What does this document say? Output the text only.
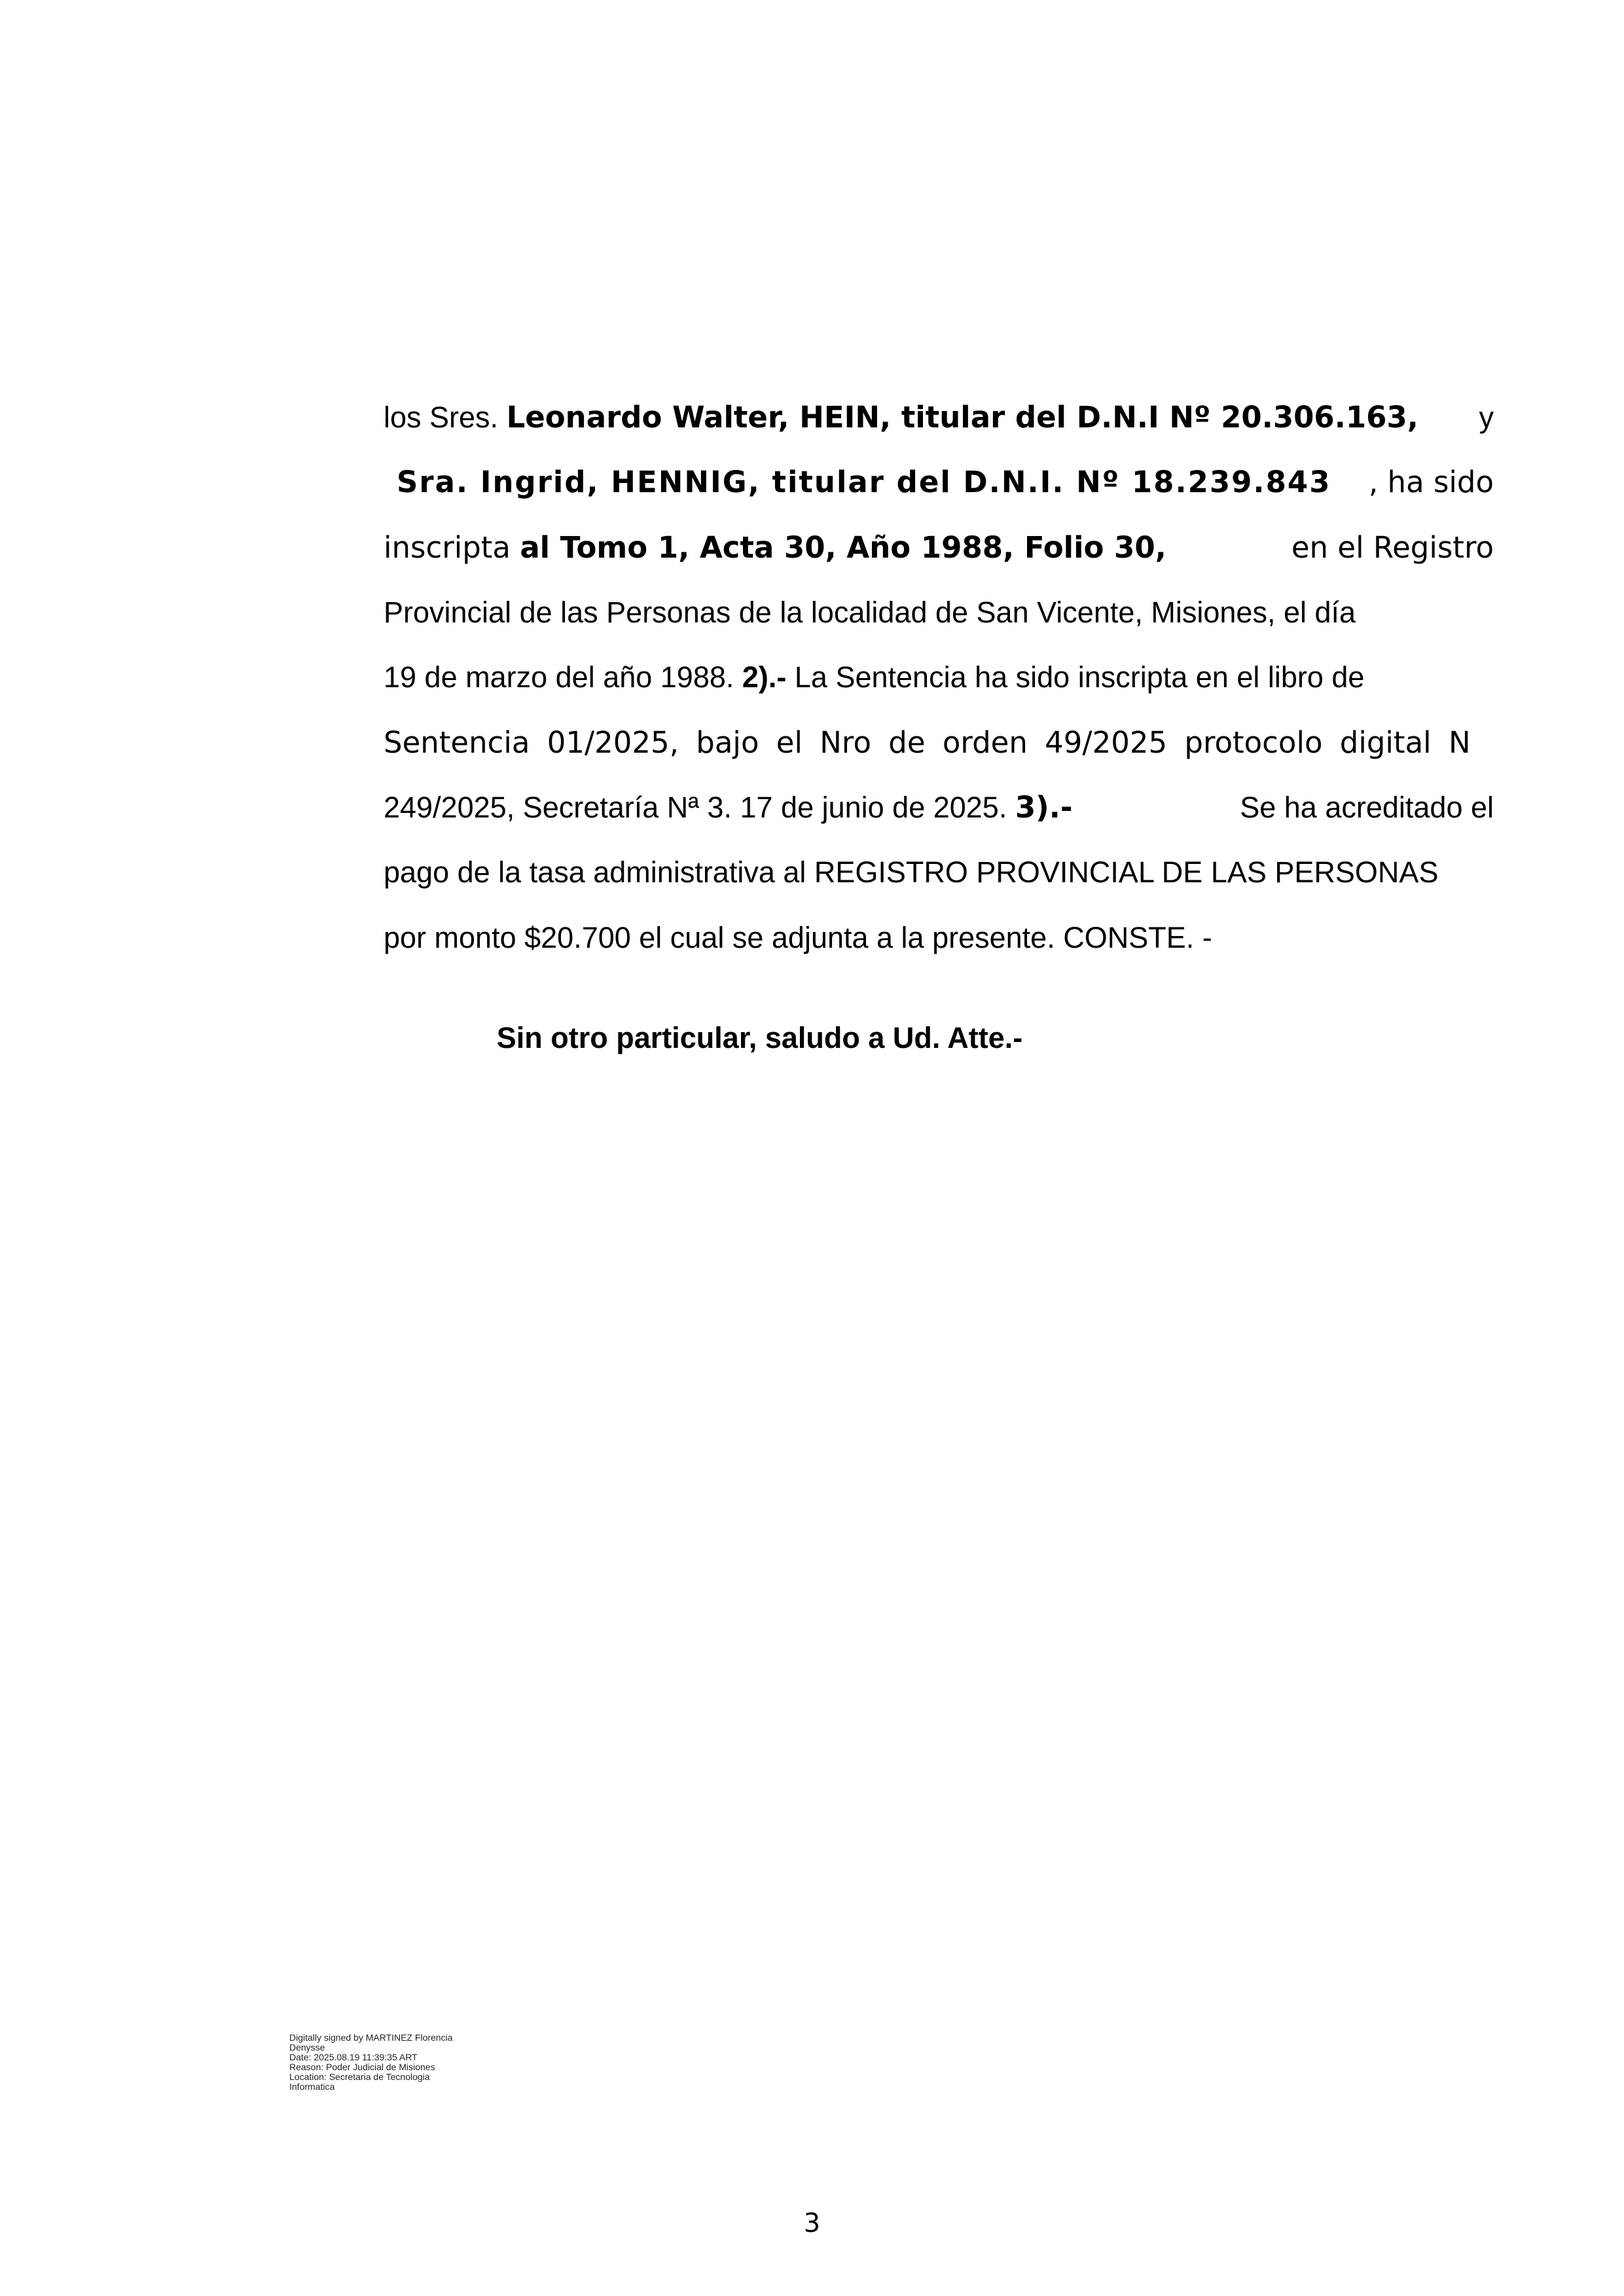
los Sres. Leonardo Walter, HEIN, titular del D.N.I Nº 20.306.163, y
Sra. Ingrid, HENNIG, titular del D.N.I. Nº 18.239.843 , ha sido
inscripta al Tomo 1, Acta 30, Año 1988, Folio 30,	en el Registro
Provincial de las Personas de la localidad de San Vicente, Misiones, el día
19 de marzo del año 1988. 2).- La Sentencia ha sido inscripta en el libro de
Sentencia 01/2025, bajo el Nro de orden 49/2025 protocolo digital N
249/2025, Secretaría Nª 3. 17 de junio de 2025. 3).-	Se ha acreditado el
pago de la tasa administrativa al REGISTRO PROVINCIAL DE LAS PERSONAS
por monto $20.700 el cual se adjunta a la presente. CONSTE. -
Sin otro particular, saludo a Ud. Atte.-
Digitally signed by MARTINEZ Florencia
Denysse
Date: 2025.08.19 11:39:35 ART
Reason: Poder Judicial de Misiones
Location: Secretaria de Tecnologia
Informatica
3
